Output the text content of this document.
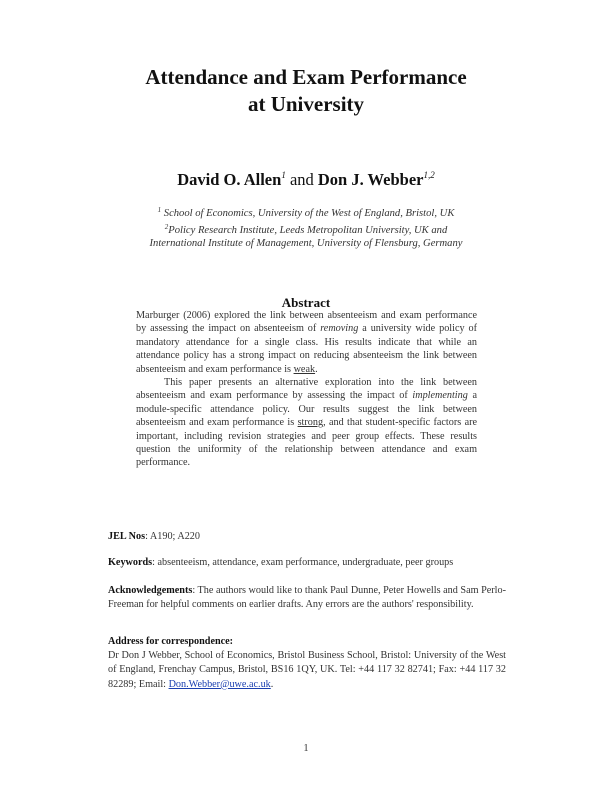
Attendance and Exam Performance
at University
David O. Allen$^1$ and Don J. Webber$^{1,2}$
$^1$ School of Economics, University of the West of England, Bristol, UK
$^2$Policy Research Institute, Leeds Metropolitan University, UK and
International Institute of Management, University of Flensburg, Germany
Abstract

Marburger (2006) explored the link between absenteeism and exam performance by assessing the impact on absenteeism of removing a university wide policy of mandatory attendance for a single class. His results indicate that while an attendance policy has a strong impact on reducing absenteeism the link between absenteeism and exam performance is weak.

This paper presents an alternative exploration into the link between absenteeism and exam performance by assessing the impact of implementing a module-specific attendance policy. Our results suggest the link between absenteeism and exam performance is strong, and that student-specific factors are important, including revision strategies and peer group effects. These results question the uniformity of the relationship between attendance and exam performance.

JEL Nos: A190; A220
Keywords: absenteeism, attendance, exam performance, undergraduate, peer groups
Acknowledgements: The authors would like to thank Paul Dunne, Peter Howells and Sam Perlo-Freeman for helpful comments on earlier drafts. Any errors are the authors' responsibility.
Address for correspondence:
Dr Don J Webber, School of Economics, Bristol Business School, Bristol: University of the West of England, Frenchay Campus, Bristol, BS16 1QY, UK. Tel: +44 117 32 82741; Fax: +44 117 32 82289; Email: Don.Webber@uwe.ac.uk.
1
